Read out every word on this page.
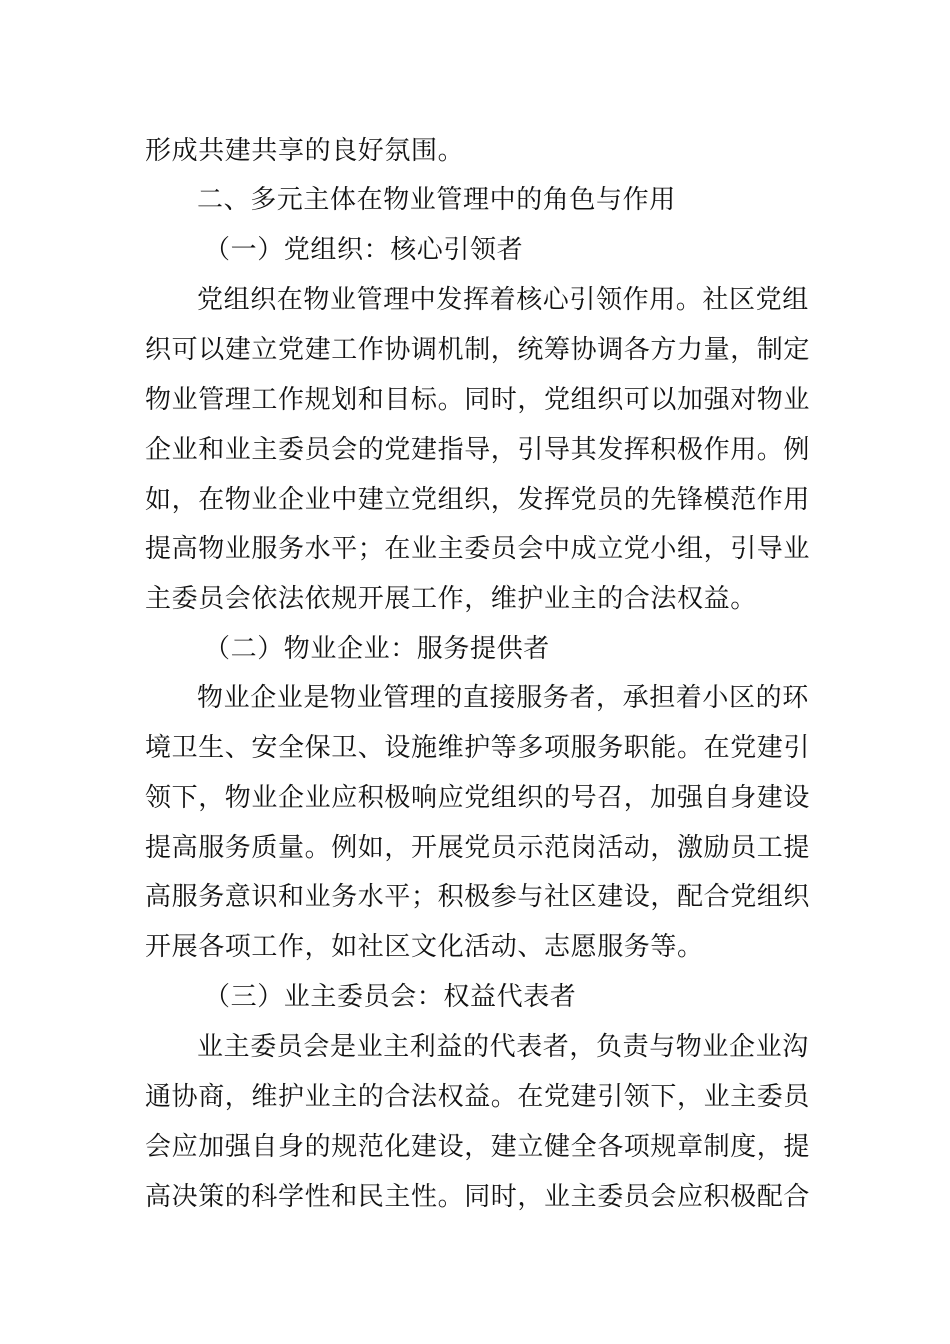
形成共建共享的良好氛围。
二、多元主体在物业管理中的角色与作用
（一）党组织：核心引领者
党组织在物业管理中发挥着核心引领作用。社区党组
织可以建立党建工作协调机制，统筹协调各方力量，制定
物业管理工作规划和目标。同时，党组织可以加强对物业
企业和业主委员会的党建指导，引导其发挥积极作用。例
如，在物业企业中建立党组织，发挥党员的先锋模范作用
提高物业服务水平；在业主委员会中成立党小组，引导业
主委员会依法依规开展工作，维护业主的合法权益。
（二）物业企业：服务提供者
物业企业是物业管理的直接服务者，承担着小区的环
境卫生、安全保卫、设施维护等多项服务职能。在党建引
领下，物业企业应积极响应党组织的号召，加强自身建设
提高服务质量。例如，开展党员示范岗活动，激励员工提
高服务意识和业务水平；积极参与社区建设，配合党组织
开展各项工作，如社区文化活动、志愿服务等。
（三）业主委员会：权益代表者
业主委员会是业主利益的代表者，负责与物业企业沟
通协商，维护业主的合法权益。在党建引领下，业主委员
会应加强自身的规范化建设，建立健全各项规章制度，提
高决策的科学性和民主性。同时，业主委员会应积极配合
